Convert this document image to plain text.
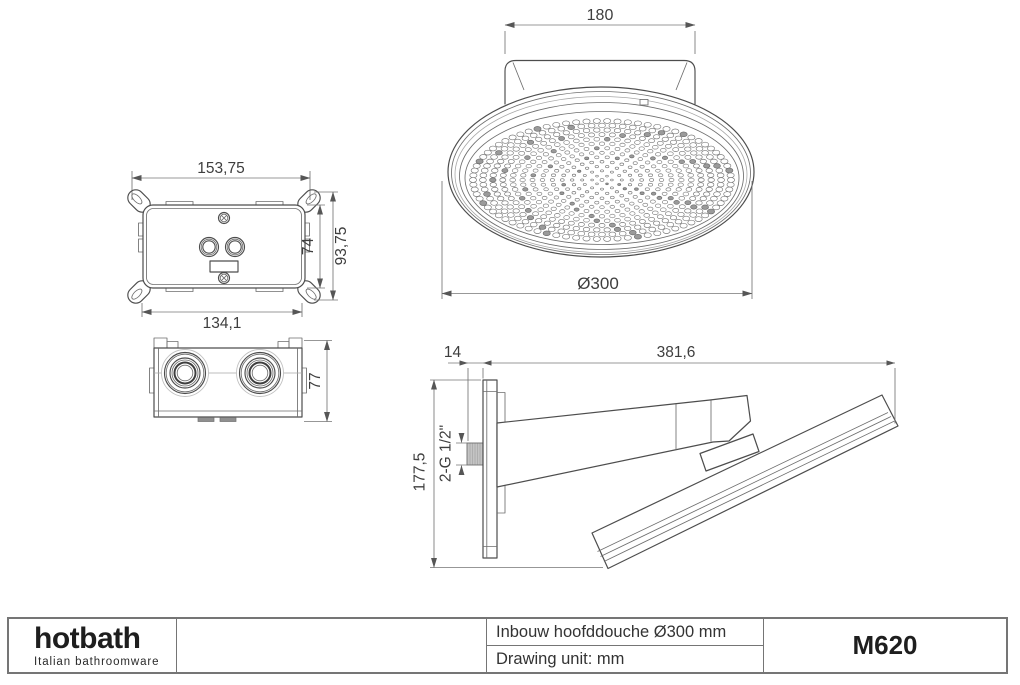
153,75
74 93,75
134,1
77
180
Ø300
2-G 1/2"
14	381,6
177,5
hotbath
Italian bathroomware
Inbouw hoofddouche Ø300 mm
Drawing unit: mm	M620
